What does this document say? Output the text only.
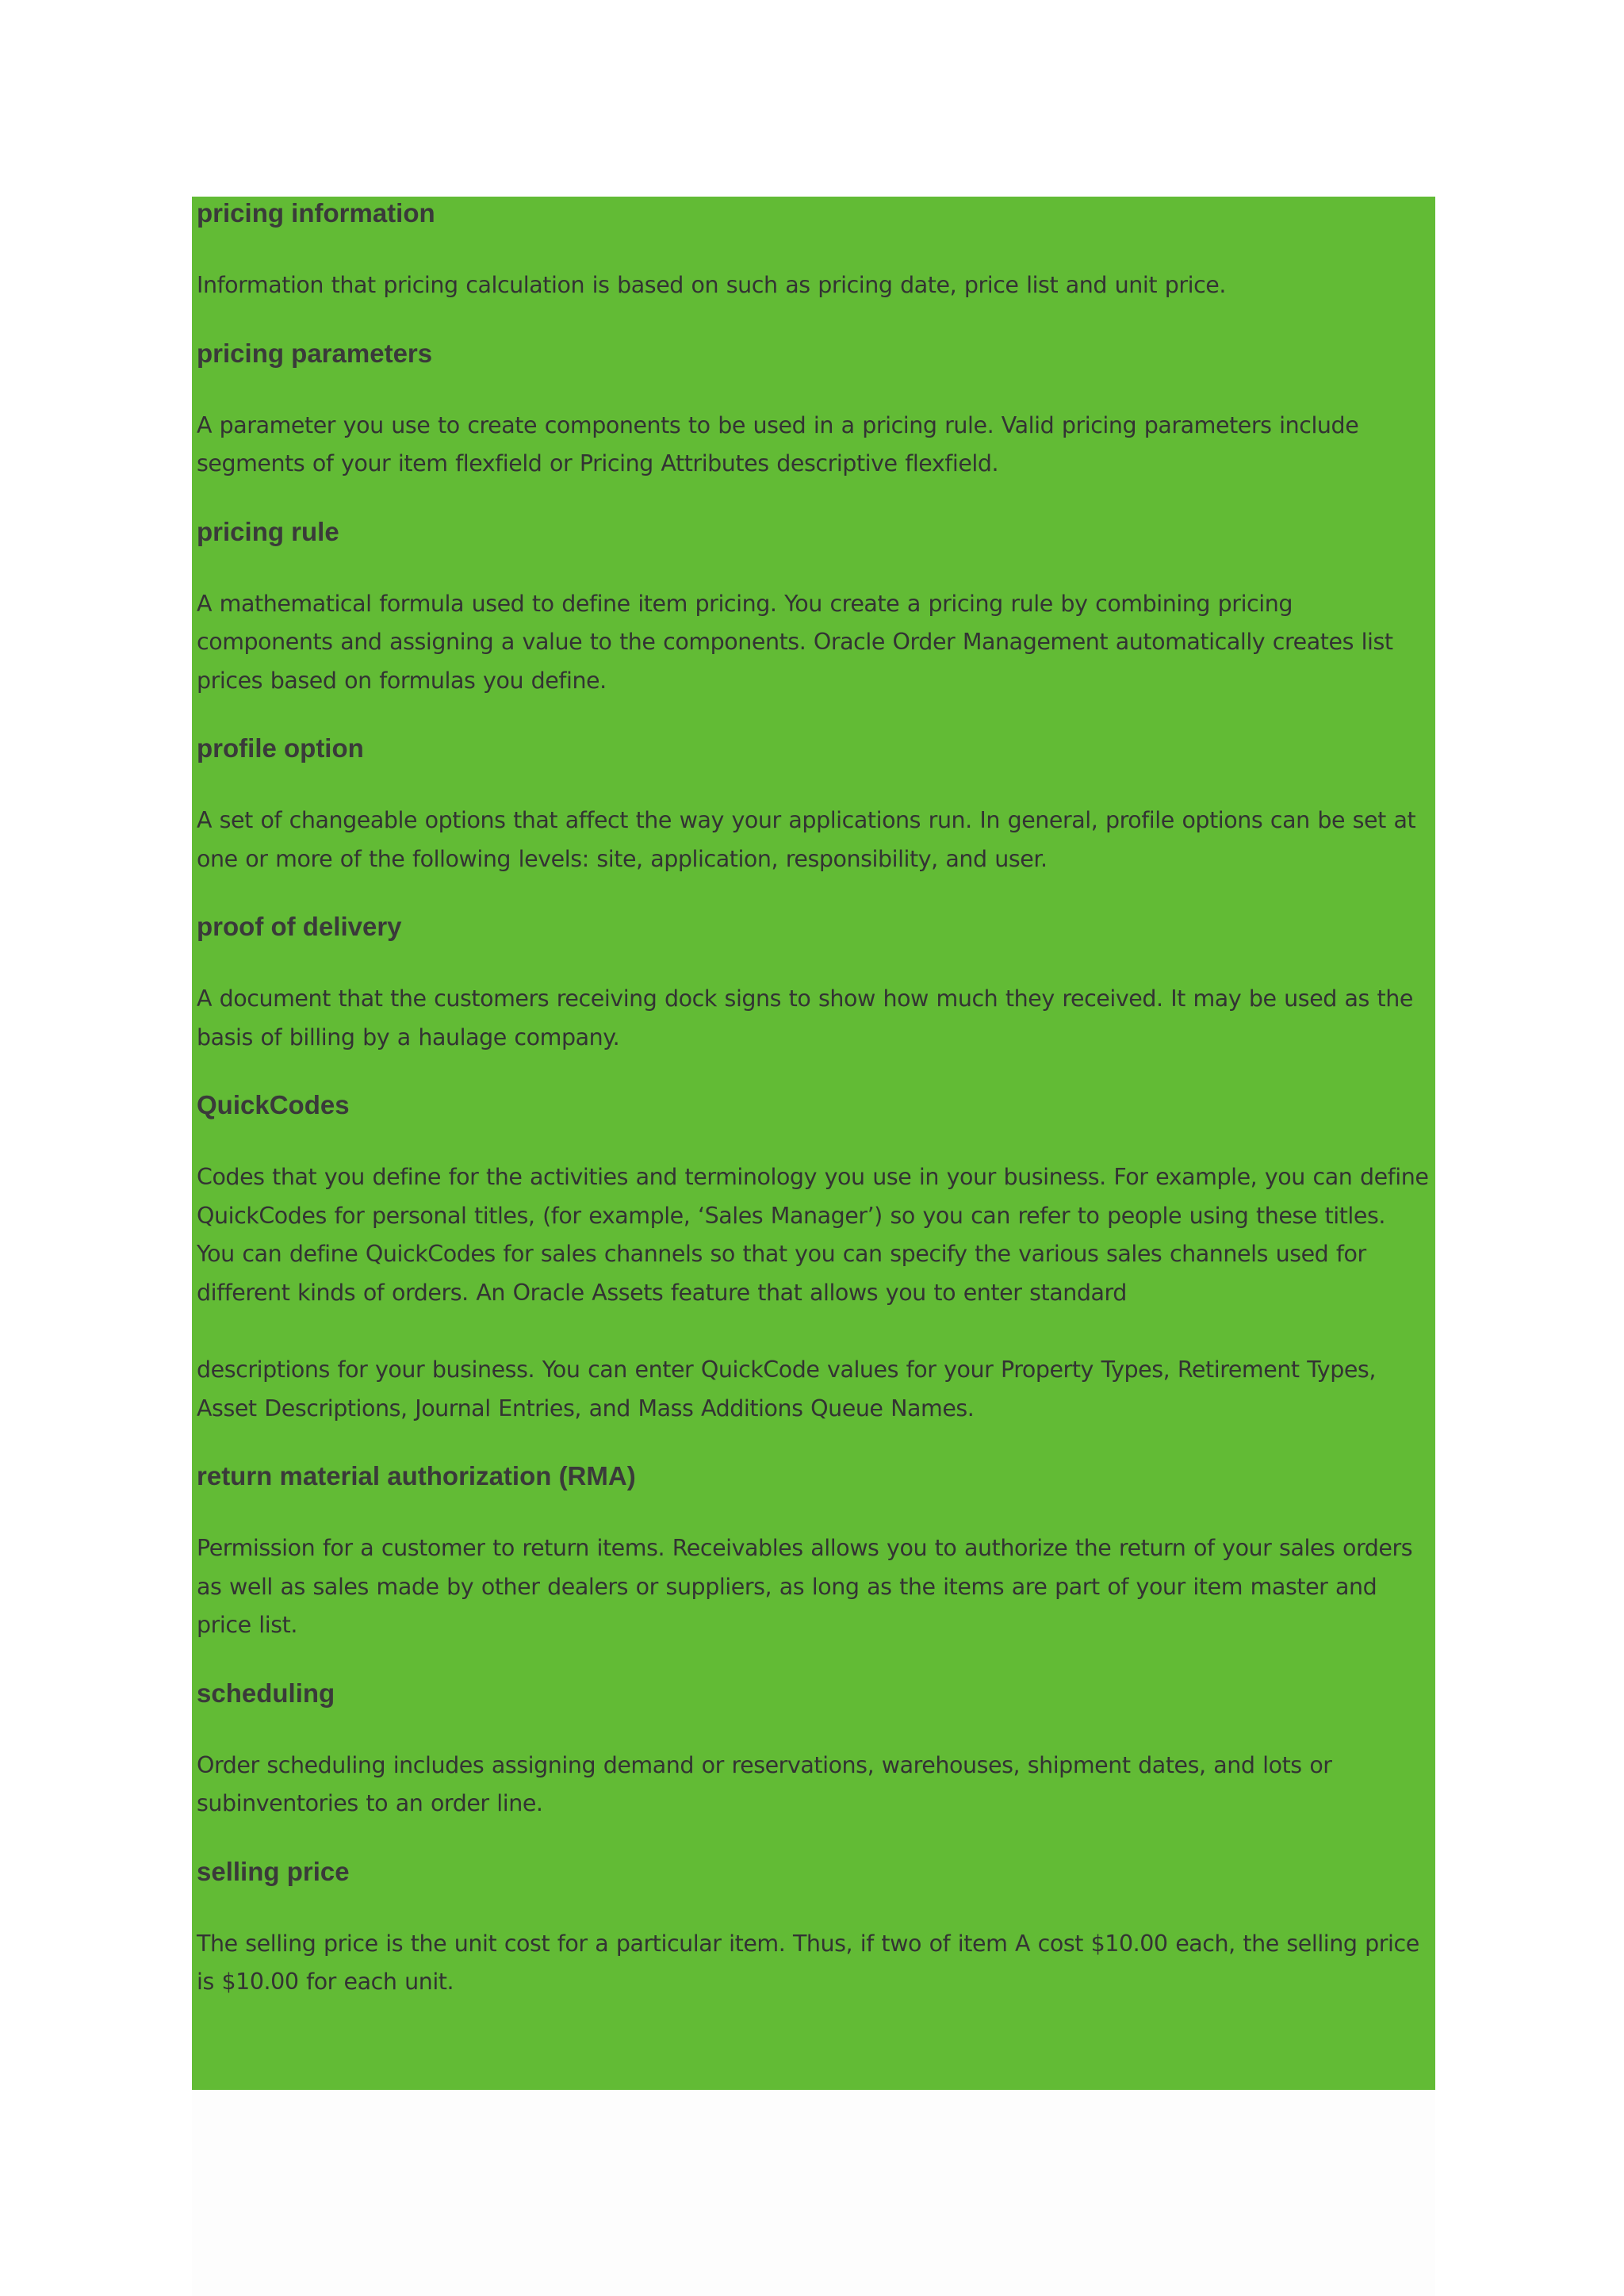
pricing information

Information that pricing calculation is based on such as pricing date, price list and unit price.

pricing parameters

A parameter you use to create components to be used in a pricing rule. Valid pricing parameters include segments of your item flexfield or Pricing Attributes descriptive flexfield.

pricing rule

A mathematical formula used to define item pricing. You create a pricing rule by combining pricing components and assigning a value to the components. Oracle Order Management automatically creates list prices based on formulas you define.

profile option

A set of changeable options that affect the way your applications run. In general, profile options can be set at one or more of the following levels: site, application, responsibility, and user.

proof of delivery

A document that the customers receiving dock signs to show how much they received. It may be used as the basis of billing by a haulage company.

QuickCodes

Codes that you define for the activities and terminology you use in your business. For example, you can define QuickCodes for personal titles, (for example, ‘Sales Manager’) so you can refer to people using these titles. You can define QuickCodes for sales channels so that you can specify the various sales channels used for different kinds of orders. An Oracle Assets feature that allows you to enter standard

descriptions for your business. You can enter QuickCode values for your Property Types, Retirement Types, Asset Descriptions, Journal Entries, and Mass Additions Queue Names.

return material authorization (RMA)

Permission for a customer to return items. Receivables allows you to authorize the return of your sales orders as well as sales made by other dealers or suppliers, as long as the items are part of your item master and price list.

scheduling

Order scheduling includes assigning demand or reservations, warehouses, shipment dates, and lots or subinventories to an order line.

selling price

The selling price is the unit cost for a particular item. Thus, if two of item A cost $10.00 each, the selling price is $10.00 for each unit.
